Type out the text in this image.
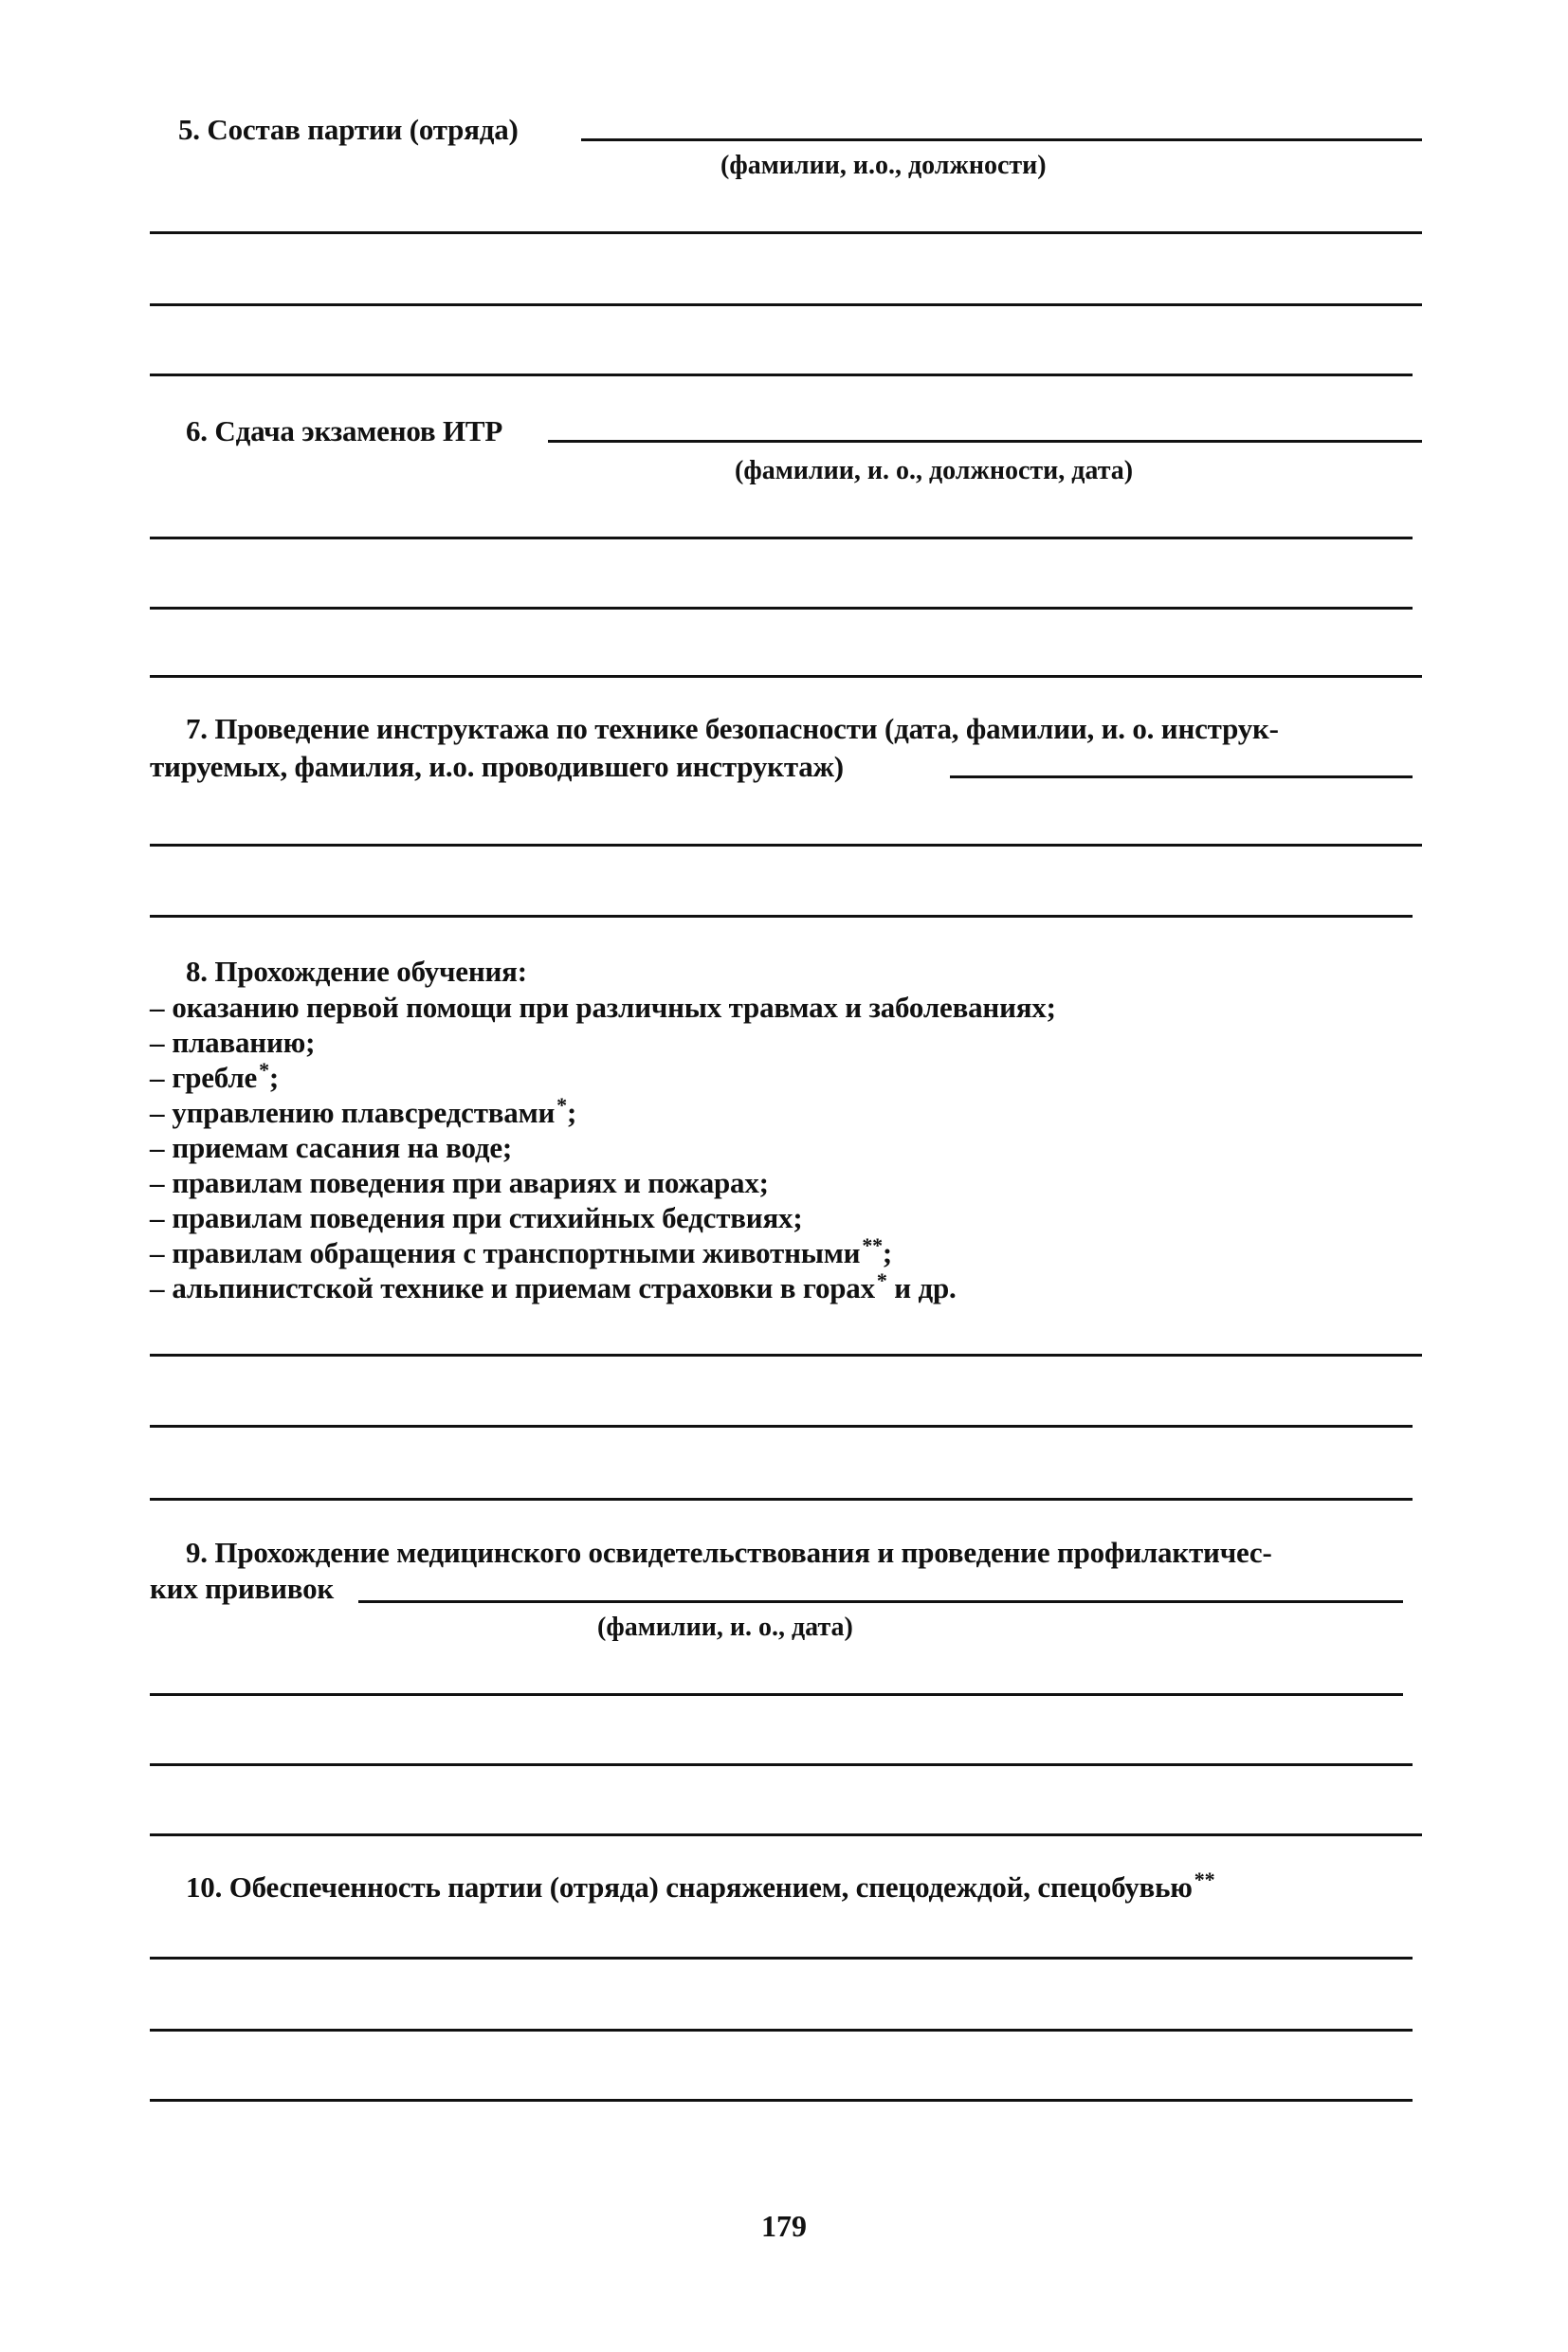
5. Состав партии (отряда)
(фамилии, и.о., должности)
6. Сдача экзаменов ИТР
(фамилии, и. о., должности, дата)
7. Проведение инструктажа по технике безопасности (дата, фамилии, и. о. инструк-
тируемых, фамилия, и.о. проводившего инструктаж)
8. Прохождение обучения:
– оказанию первой помощи при различных травмах и заболеваниях;
– плаванию;
– гребле*;
– управлению плавсредствами*;
– приемам сасания на воде;
– правилам поведения при авариях и пожарах;
– правилам поведения при стихийных бедствиях;
– правилам обращения с транспортными животными**;
– альпинистской технике и приемам страховки в горах* и др.
9. Прохождение медицинского освидетельствования и проведение профилактичес-
ких прививок
(фамилии, и. о., дата)
10. Обеспеченность партии (отряда) снаряжением, спецодеждой, спецобувью**
179
